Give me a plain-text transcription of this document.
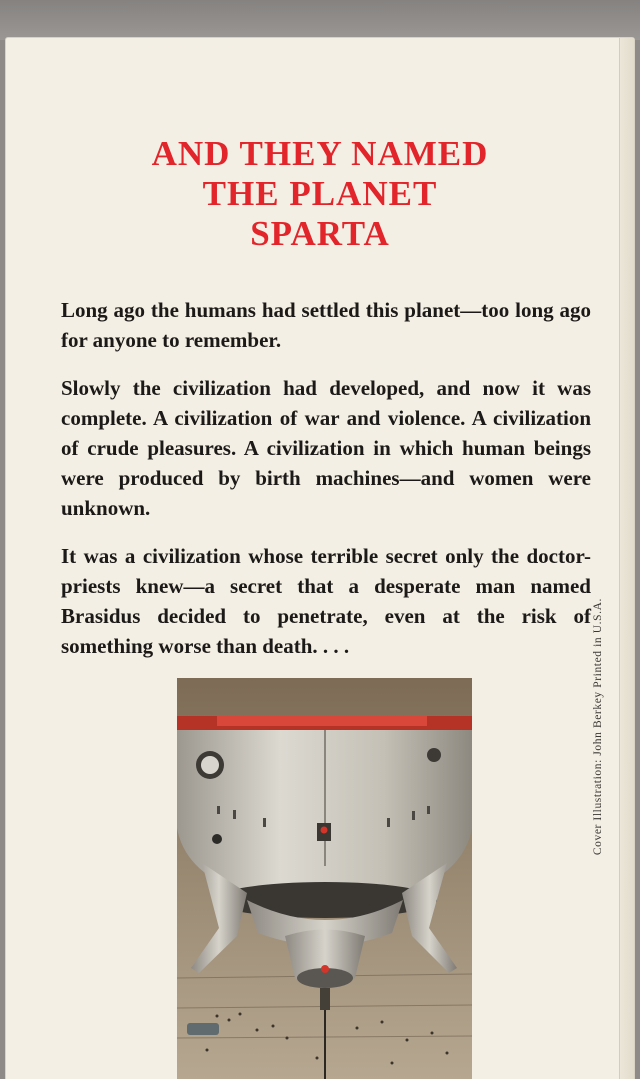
AND THEY NAMED
THE PLANET
SPARTA

Long ago the humans had settled this planet—too long ago for anyone to remember.

Slowly the civilization had developed, and now it was complete. A civilization of war and violence. A civilization of crude pleasures. A civilization in which human beings were produced by birth machines—and women were unknown.

It was a civilization whose terrible secret only the doctor-priests knew—a secret that a desperate man named Brasidus decided to penetrate, even at the risk of something worse than death. . . .	Cover Illustration: John Berkey Printed in U.S.A.
